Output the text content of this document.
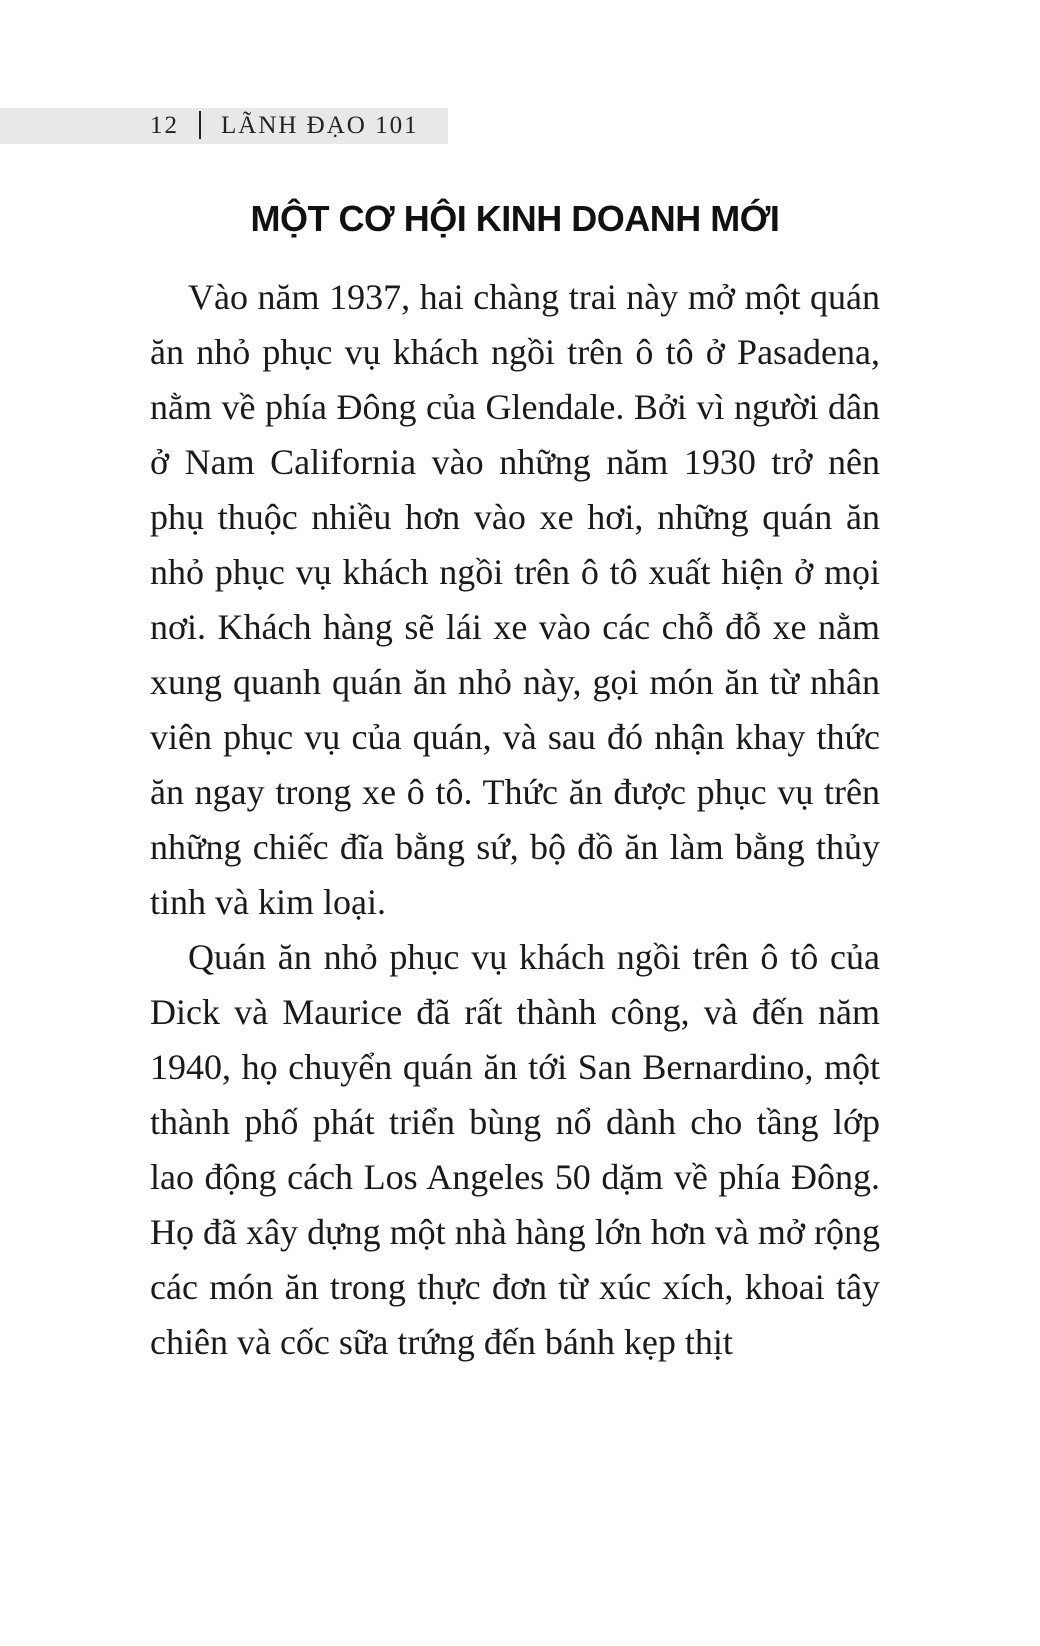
12 LÃNH ĐẠO 101
MỘT CƠ HỘI KINH DOANH MỚI

Vào năm 1937, hai chàng trai này mở một quán ăn nhỏ phục vụ khách ngồi trên ô tô ở Pasadena, nằm về phía Đông của Glendale. Bởi vì người dân ở Nam California vào những năm 1930 trở nên phụ thuộc nhiều hơn vào xe hơi, những quán ăn nhỏ phục vụ khách ngồi trên ô tô xuất hiện ở mọi nơi. Khách hàng sẽ lái xe vào các chỗ đỗ xe nằm xung quanh quán ăn nhỏ này, gọi món ăn từ nhân viên phục vụ của quán, và sau đó nhận khay thức ăn ngay trong xe ô tô. Thức ăn được phục vụ trên những chiếc đĩa bằng sứ, bộ đồ ăn làm bằng thủy tinh và kim loại.

Quán ăn nhỏ phục vụ khách ngồi trên ô tô của Dick và Maurice đã rất thành công, và đến năm 1940, họ chuyển quán ăn tới San Bernardino, một thành phố phát triển bùng nổ dành cho tầng lớp lao động cách Los Angeles 50 dặm về phía Đông. Họ đã xây dựng một nhà hàng lớn hơn và mở rộng các món ăn trong thực đơn từ xúc xích, khoai tây chiên và cốc sữa trứng đến bánh kẹp thịt
